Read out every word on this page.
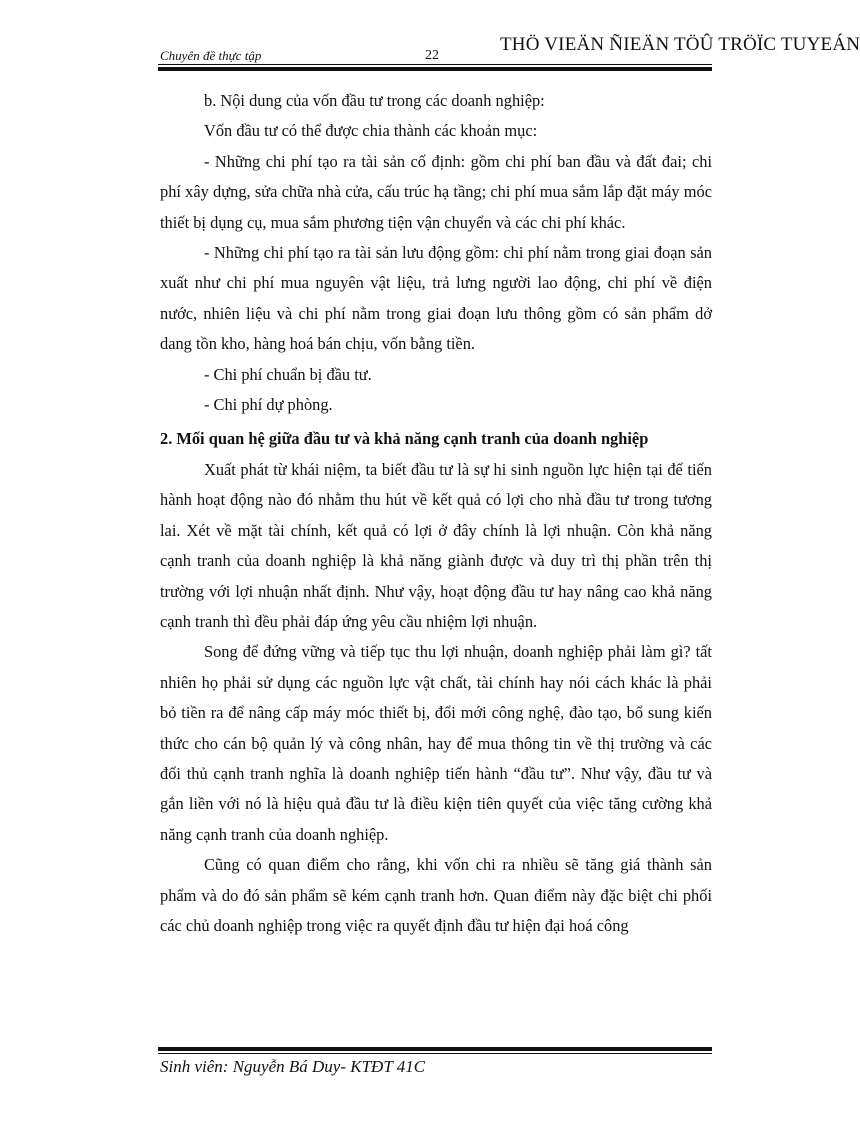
Chuyên đề thực tập	22
THÖ VIEÄN ÑIEÄN TÖÛ TRÖÏC TUYEÁN

b. Nội dung của vốn đầu tư trong các doanh nghiệp:

Vốn đầu tư có thể được chia thành các khoản mục:

- Những chi phí tạo ra tài sản cố định: gồm chi phí ban đầu và đất đai; chi phí xây dựng, sửa chữa nhà cửa, cấu trúc hạ tầng; chi phí mua sắm lắp đặt máy móc thiết bị dụng cụ, mua sắm phương tiện vận chuyển và các chi phí khác.

- Những chi phí tạo ra tài sản lưu động gồm: chi phí nằm trong giai đoạn sản xuất như chi phí mua nguyên vật liệu, trả lưng người lao động, chi phí về điện nước, nhiên liệu và chi phí nằm trong giai đoạn lưu thông gồm có sản phẩm dở dang tồn kho, hàng hoá bán chịu, vốn bằng tiền.

- Chi phí chuẩn bị đầu tư.

- Chi phí dự phòng.

2. Mối quan hệ giữa đầu tư và khả năng cạnh tranh của doanh nghiệp

Xuất phát từ khái niệm, ta biết đầu tư là sự hi sinh nguồn lực hiện tại để tiến hành hoạt động nào đó nhằm thu hút về kết quả có lợi cho nhà đầu tư trong tương lai. Xét về mặt tài chính, kết quả có lợi ở đây chính là lợi nhuận. Còn khả năng cạnh tranh của doanh nghiệp là khả năng giành được và duy trì thị phần trên thị trường với lợi nhuận nhất định. Như vậy, hoạt động đầu tư hay nâng cao khả năng cạnh tranh thì đều phải đáp ứng yêu cầu nhiệm lợi nhuận.

Song để đứng vững và tiếp tục thu lợi nhuận, doanh nghiệp phải làm gì? tất nhiên họ phải sử dụng các nguồn lực vật chất, tài chính hay nói cách khác là phải bỏ tiền ra để nâng cấp máy móc thiết bị, đổi mới công nghệ, đào tạo, bổ sung kiến thức cho cán bộ quản lý và công nhân, hay để mua thông tin về thị trường và các đối thủ cạnh tranh nghĩa là doanh nghiệp tiến hành “đầu tư”. Như vậy, đầu tư và gắn liền với nó là hiệu quả đầu tư là điều kiện tiên quyết của việc tăng cường khả năng cạnh tranh của doanh nghiệp.

Cũng có quan điểm cho rằng, khi vốn chi ra nhiều sẽ tăng giá thành sản phẩm và do đó sản phẩm sẽ kém cạnh tranh hơn. Quan điểm này đặc biệt chi phối các chủ doanh nghiệp trong việc ra quyết định đầu tư hiện đại hoá công

Sinh viên: Nguyễn Bá Duy- KTĐT 41C
